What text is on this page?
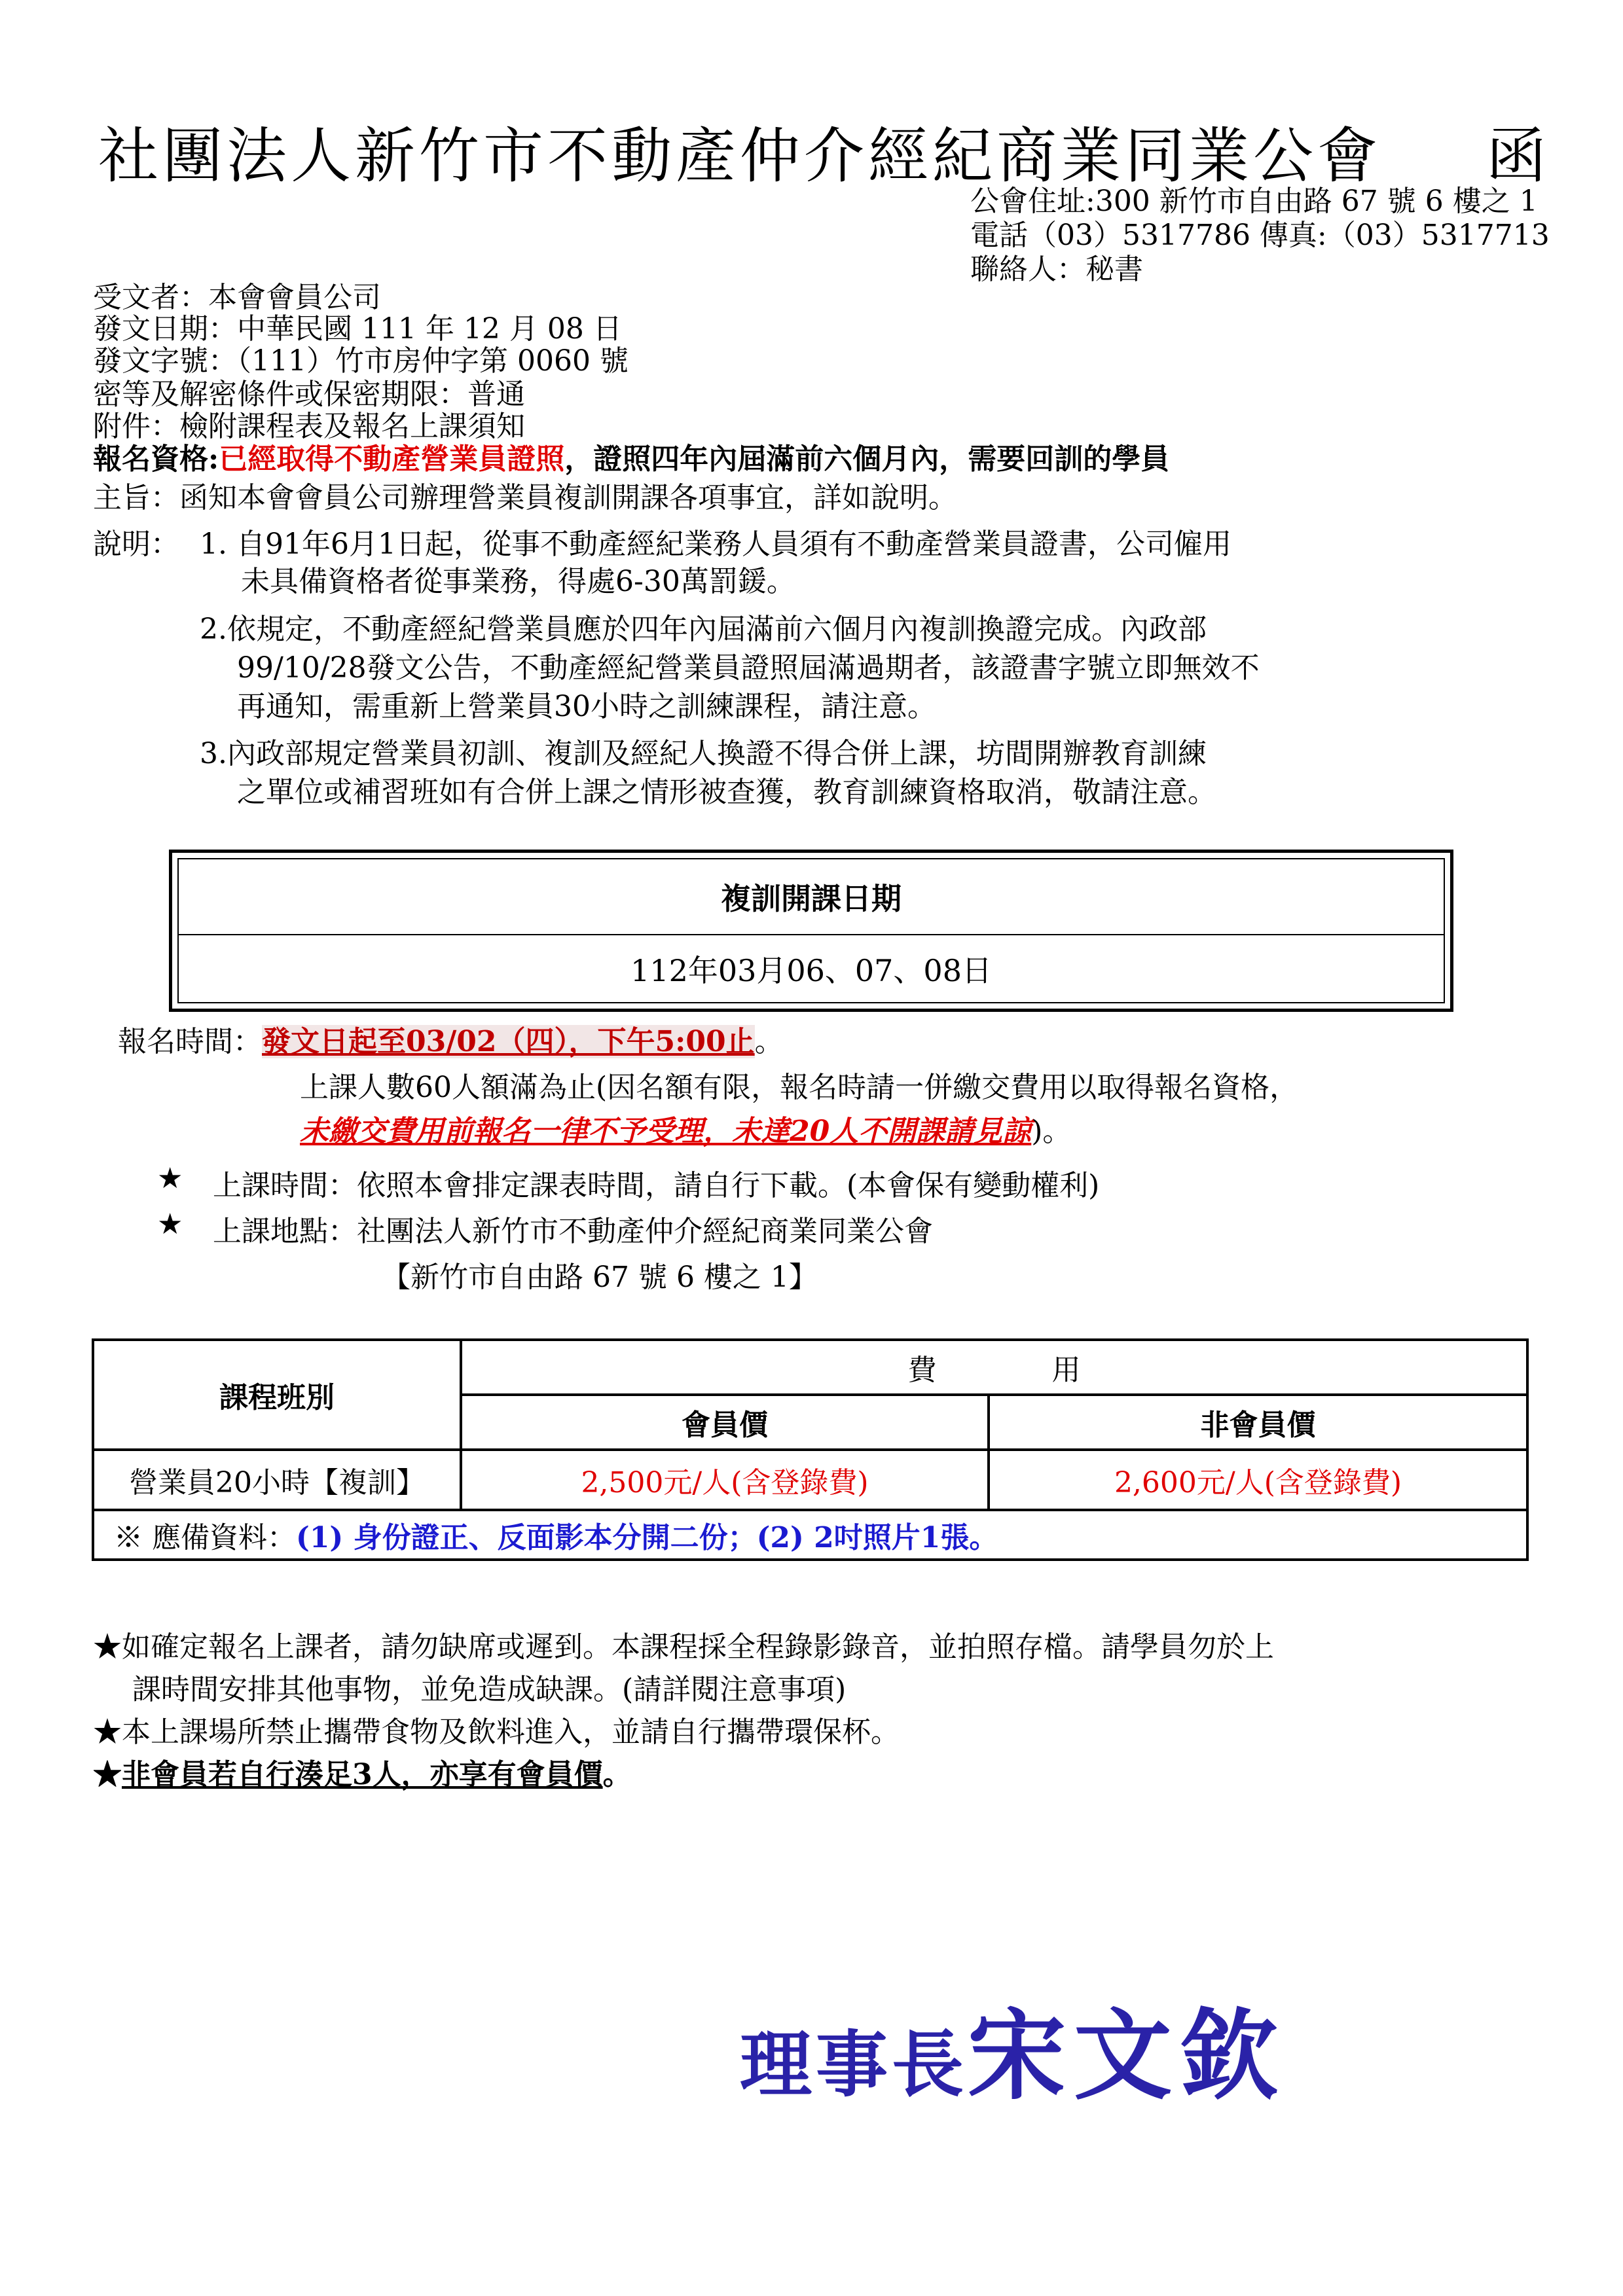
社團法人新竹市不動產仲介經紀商業同業公會 函
公會住址:300 新竹市自由路 67 號 6 樓之 1
電話（03）5317786 傳真:（03）5317713
聯絡人：秘書
受文者：本會會員公司
發文日期：中華民國 111 年 12 月 08 日
發文字號：（111）竹市房仲字第 0060 號
密等及解密條件或保密期限：普通
附件：檢附課程表及報名上課須知
報名資格:已經取得不動產營業員證照，證照四年內屆滿前六個月內，需要回訓的學員
主旨：函知本會會員公司辦理營業員複訓開課各項事宜，詳如說明。
說明： 1. 自91年6月1日起，從事不動產經紀業務人員須有不動產營業員證書，公司僱用
未具備資格者從事業務，得處6-30萬罰鍰。
2.依規定，不動產經紀營業員應於四年內屆滿前六個月內複訓換證完成。內政部
99/10/28發文公告，不動產經紀營業員證照屆滿過期者，該證書字號立即無效不
再通知，需重新上營業員30小時之訓練課程，請注意。
3.內政部規定營業員初訓、複訓及經紀人換證不得合併上課，坊間開辦教育訓練
之單位或補習班如有合併上課之情形被查獲，教育訓練資格取消，敬請注意。
複訓開課日期
112年03月06、07、08日
報名時間：發文日起至03/02（四），下午5:00止。
上課人數60人額滿為止(因名額有限，報名時請一併繳交費用以取得報名資格，
未繳交費用前報名一律不予受理，未達20人不開課請見諒)。
★ 上課時間：依照本會排定課表時間，請自行下載。(本會保有變動權利)
★ 上課地點：社團法人新竹市不動產仲介經紀商業同業公會
【新竹市自由路 67 號 6 樓之 1】
課程班別	費　　　　用	
	會員價	非會員價
營業員20小時【複訓】	2,500元/人(含登錄費)	2,600元/人(含登錄費)
※ 應備資料：(1) 身份證正、反面影本分開二份；(2) 2吋照片1張。		
★如確定報名上課者，請勿缺席或遲到。本課程採全程錄影錄音，並拍照存檔。請學員勿於上
課時間安排其他事物，並免造成缺課。(請詳閱注意事項)
★本上課場所禁止攜帶食物及飲料進入，並請自行攜帶環保杯。
★非會員若自行湊足3人，亦享有會員價。
理事長宋文欽
